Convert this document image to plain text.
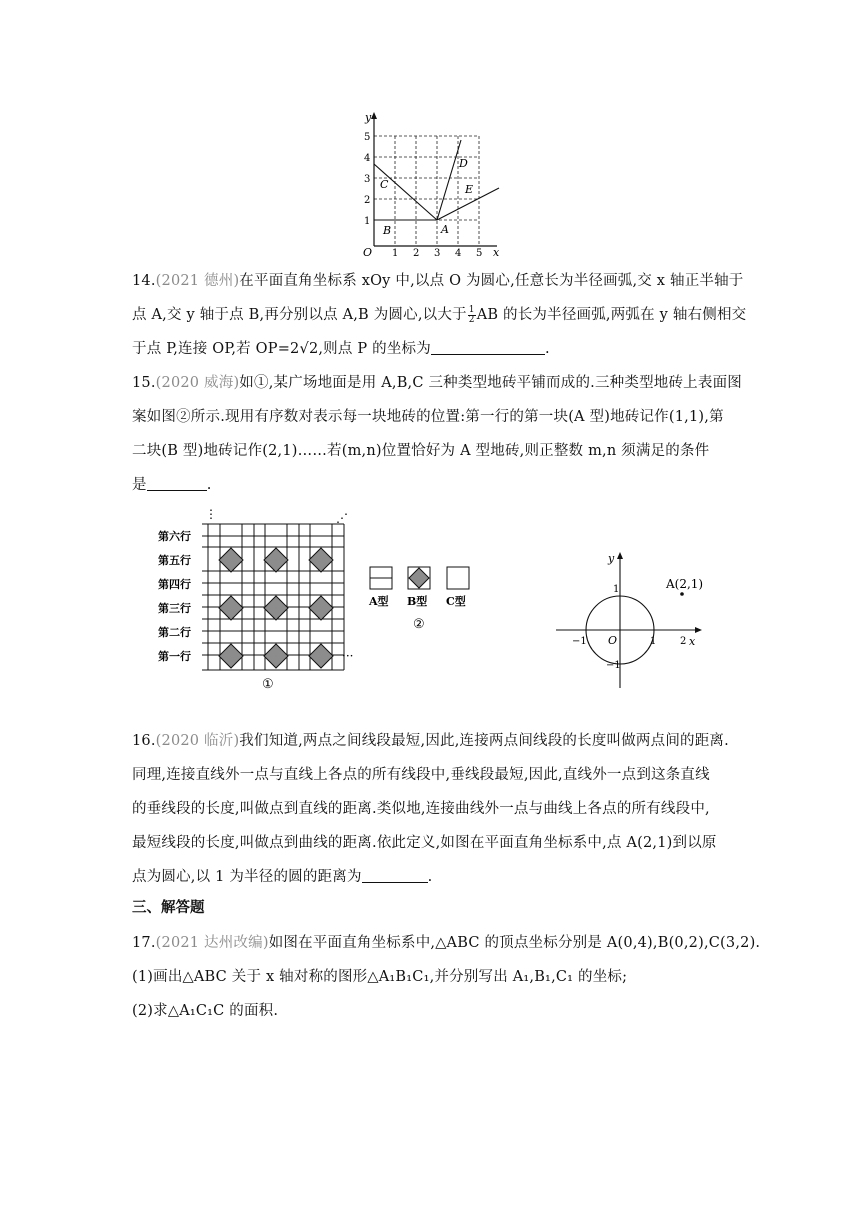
y
x
O 1 2 3 4 5
1
2
3
4
5
B
C
A
D
E

14.(2021 德州)在平面直角坐标系 xOy 中,以点 O 为圆心,任意长为半径画弧,交 x 轴正半轴于

点 A,交 y 轴于点 B,再分别以点 A,B 为圆心,以大于 $\frac{1}{2}$ AB 的长为半径画弧,两弧在 y 轴右侧相交

于点 P,连接 OP,若 OP=2√2,则点 P 的坐标为	.

15.(2020 威海)如①,某广场地面是用 A,B,C 三种类型地砖平铺而成的.三种类型地砖上表面图

案如图②所示.现用有序数对表示每一块地砖的位置:第一行的第一块(A 型)地砖记作(1,1),第

二块(B 型)地砖记作(2,1)……若(m,n)位置恰好为 A 型地砖,则正整数 m,n 须满足的条件

是	.

第六行
第五行
第四行
第三行
第二行
第一行
⋮	⋰
···
①
A型 B型 C型
②
A(2,1)
y
x
O	1 2
−1
1
−1

16.(2020 临沂)我们知道,两点之间线段最短,因此,连接两点间线段的长度叫做两点间的距离.

同理,连接直线外一点与直线上各点的所有线段中,垂线段最短,因此,直线外一点到这条直线

的垂线段的长度,叫做点到直线的距离.类似地,连接曲线外一点与曲线上各点的所有线段中,

最短线段的长度,叫做点到曲线的距离.依此定义,如图在平面直角坐标系中,点 A(2,1)到以原

点为圆心,以 1 为半径的圆的距离为	.

三、解答题

17.(2021 达州改编)如图在平面直角坐标系中,△ABC 的顶点坐标分别是 A(0,4),B(0,2),C(3,2).

(1)画出△ABC 关于 x 轴对称的图形△A₁B₁C₁,并分别写出 A₁,B₁,C₁ 的坐标;

(2)求△A₁C₁C 的面积.
